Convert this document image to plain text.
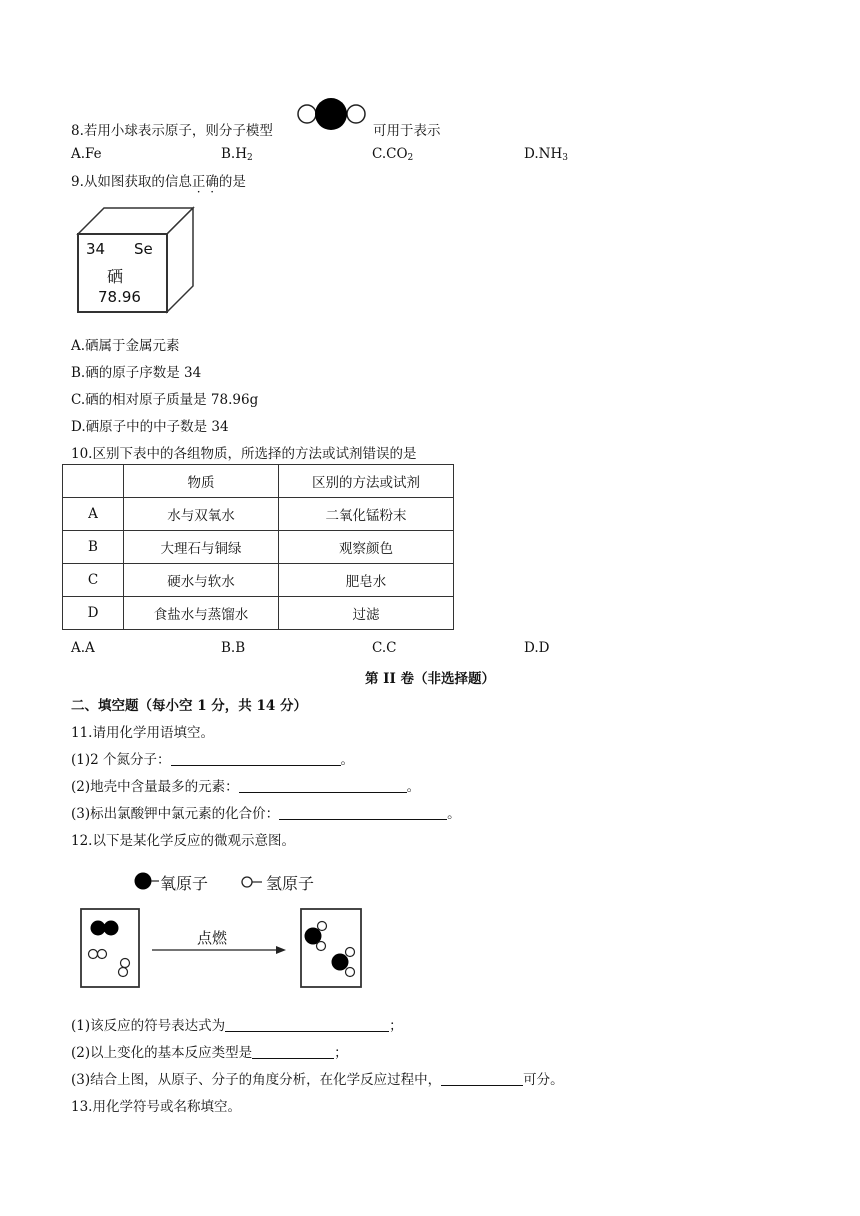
8.若用小球表示原子，则分子模型	可用于表示
A.Fe	$B.H_2$	$C.CO_2$	$D.NH_3$
9.从如图获取的信息正确的是
34 Se
硒
78.96
A.硒属于金属元素
B.硒的原子序数是 34
C.硒的相对原子质量是 78.96g
D.硒原子中的中子数是 34
10.区别下表中的各组物质，所选择的方法或试剂错误的是
	物质	区别的方法或试剂
A	水与双氧水	二氧化锰粉末
B	大理石与铜绿	观察颜色
C	硬水与软水	肥皂水
D	食盐水与蒸馏水	过滤
A.A	B.B	C.C	D.D
第 II 卷（非选择题）
二、填空题（每小空 1 分，共 14 分）
11.请用化学用语填空。
(1)2 个氮分子：	。
(2)地壳中含量最多的元素：	。
(3)标出氯酸钾中氯元素的化合价：	。
12.以下是某化学反应的微观示意图。
氧原子	氢原子
点燃
(1)该反应的符号表达式为	；
(2)以上变化的基本反应类型是	；
(3)结合上图，从原子、分子的角度分析，在化学反应过程中，	可分。
13.用化学符号或名称填空。
